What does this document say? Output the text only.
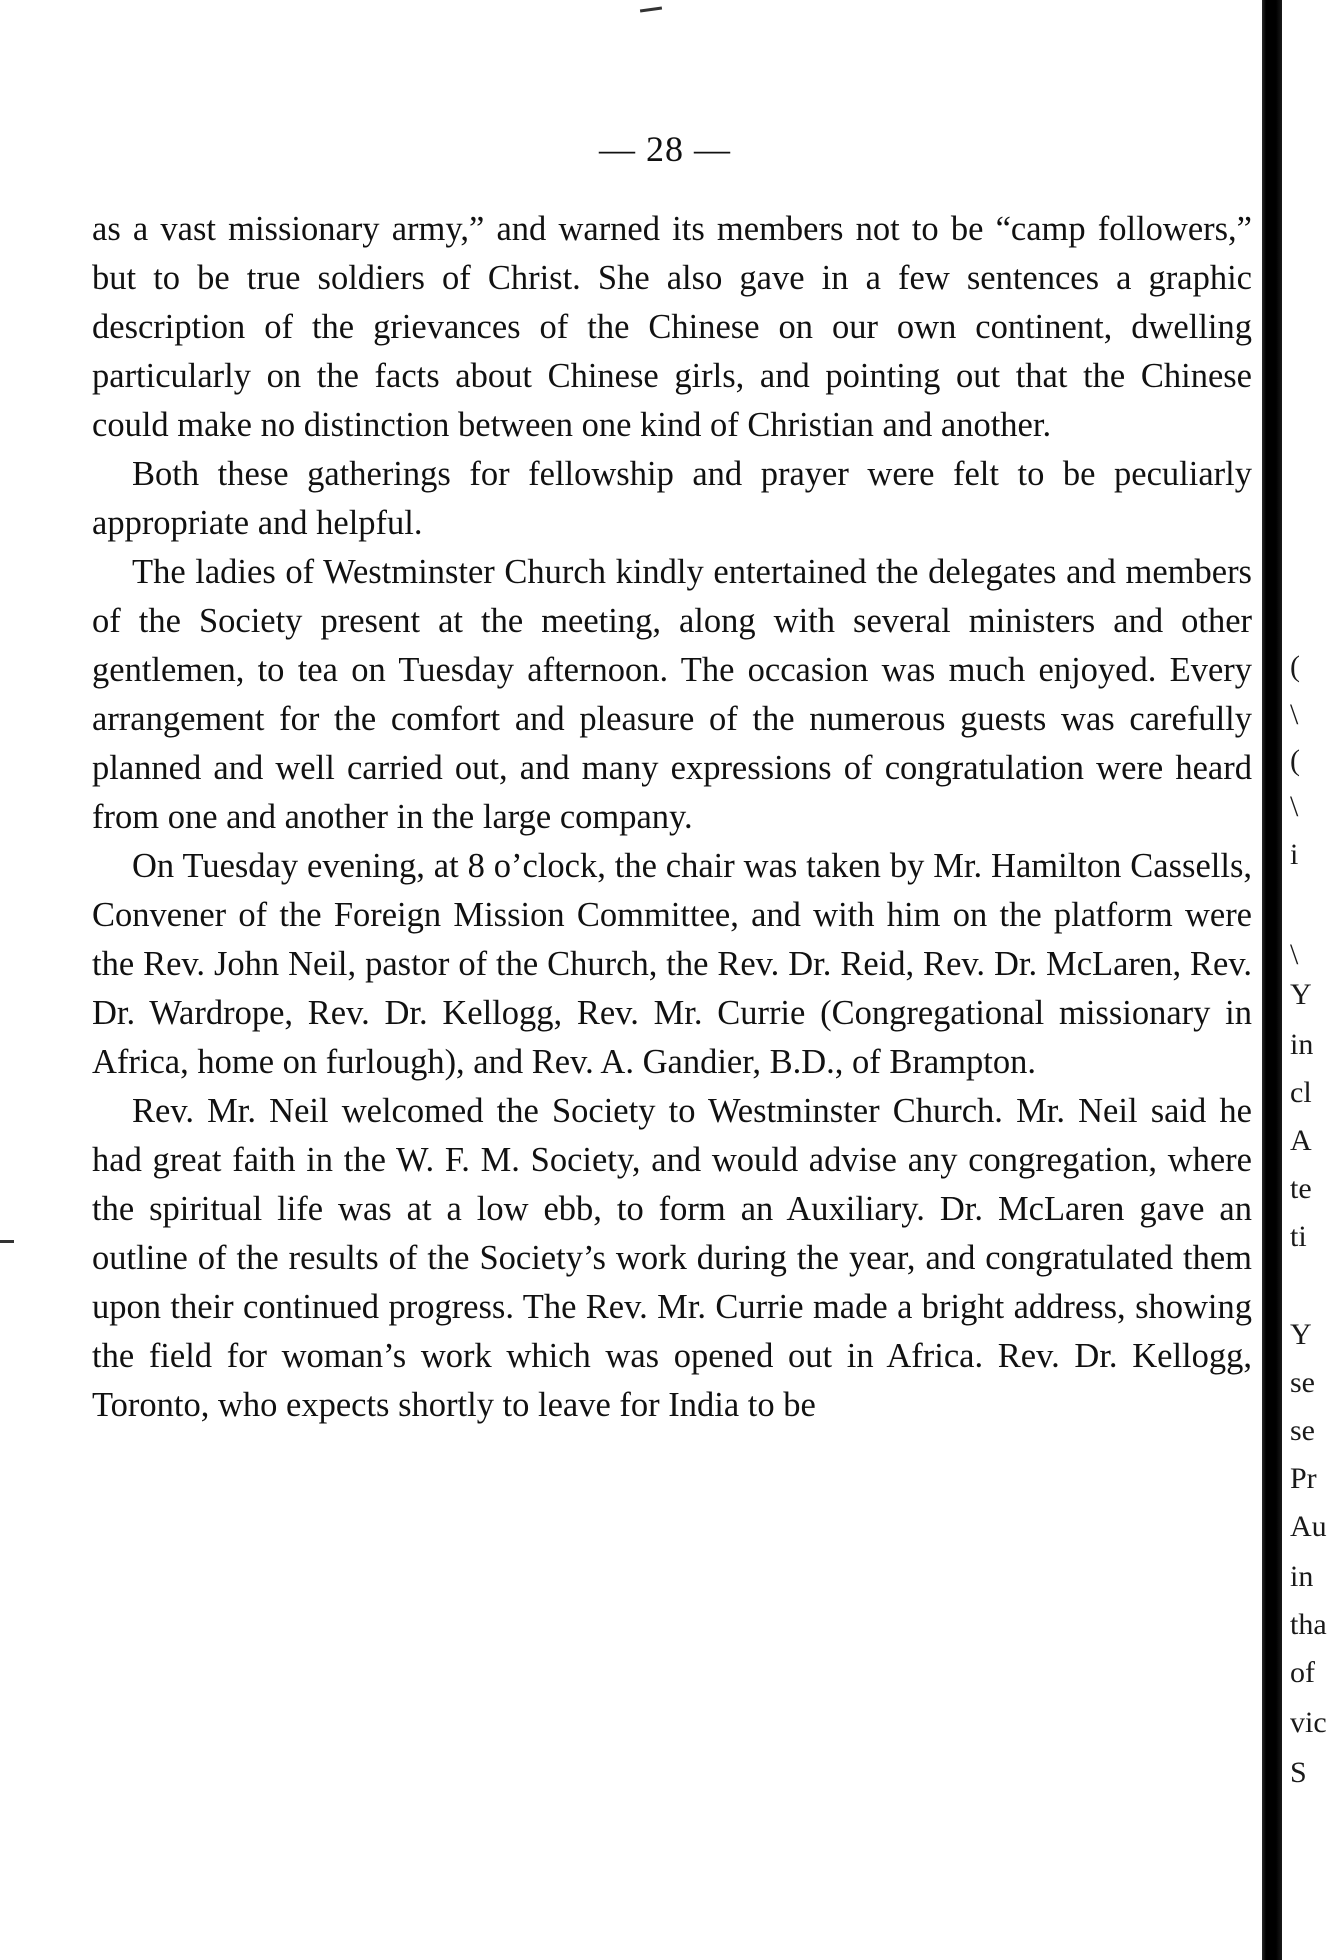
— 28 —

as a vast missionary army,” and warned its members not to be “camp followers,” but to be true soldiers of Christ. She also gave in a few sentences a graphic description of the grievances of the Chinese on our own continent, dwelling particularly on the facts about Chinese girls, and pointing out that the Chinese could make no distinction between one kind of Christian and another.

Both these gatherings for fellowship and prayer were felt to be peculiarly appropriate and helpful.

The ladies of Westminster Church kindly entertained the delegates and members of the Society present at the meeting, along with several ministers and other gentlemen, to tea on Tuesday afternoon. The occasion was much enjoyed. Every arrangement for the comfort and pleasure of the numerous guests was carefully planned and well carried out, and many expressions of congratulation were heard from one and another in the large company.

On Tuesday evening, at 8 o’clock, the chair was taken by Mr. Hamilton Cassells, Convener of the Foreign Mission Committee, and with him on the platform were the Rev. John Neil, pastor of the Church, the Rev. Dr. Reid, Rev. Dr. McLaren, Rev. Dr. Wardrope, Rev. Dr. Kellogg, Rev. Mr. Currie (Congregational missionary in Africa, home on furlough), and Rev. A. Gandier, B.D., of Brampton.

Rev. Mr. Neil welcomed the Society to Westminster Church. Mr. Neil said he had great faith in the W. F. M. Society, and would advise any congregation, where the spiritual life was at a low ebb, to form an Auxiliary. Dr. McLaren gave an outline of the results of the Society’s work during the year, and congratulated them upon their continued progress. The Rev. Mr. Currie made a bright address, showing the field for woman’s work which was opened out in Africa. Rev. Dr. Kellogg, Toronto, who expects shortly to leave for India to be

(

\

(

\

i

\

Y

in

cl

A

te

ti

Y

se

se

Pr

Au

in

tha

of

vic

S
